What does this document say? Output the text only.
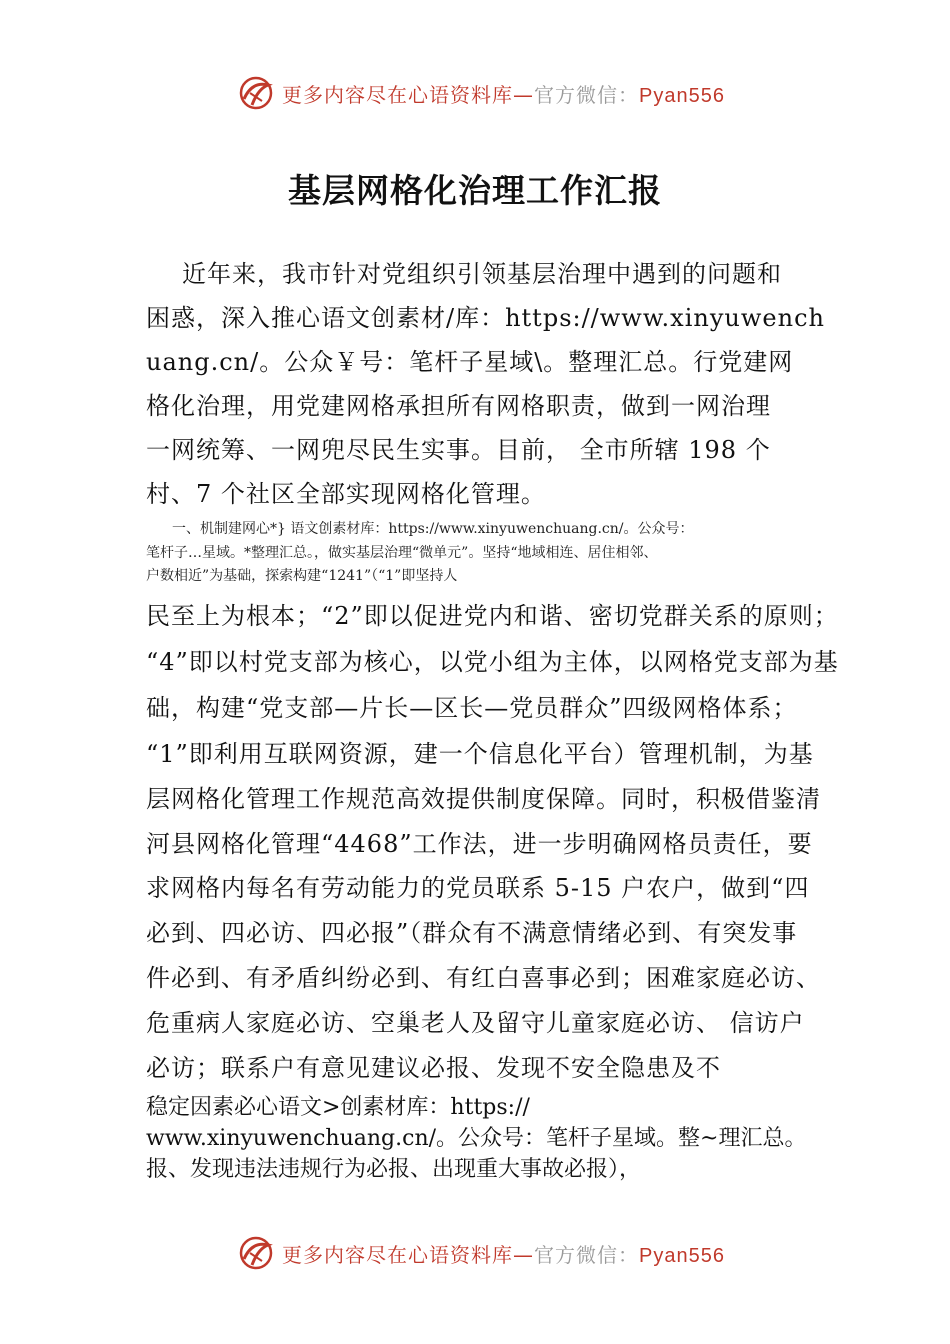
更多内容尽在心语资料库—官方微信：Pyan556
基层网格化治理工作汇报
近年来，我市针对党组织引领基层治理中遇到的问题和
困惑，深入推心语文创素材/库：https://www.xinyuwench
uang.cn/。公众￥号：笔杆子星域\。整理汇总。行党建网
格化治理，用党建网格承担所有网格职责，做到一网治理
一网统筹、一网兜尽民生实事。目前， 全市所辖 198 个
村、7 个社区全部实现网格化管理。
一、机制建网心*} 语文创素材库：https://www.xinyuwenchuang.cn/。公众号：
笔杆子…星域。*整理汇总。，做实基层治理“微单元”。坚持“地域相连、居住相邻、
户数相近”为基础，探索构建“1241”（“1”即坚持人
民至上为根本；“2”即以促进党内和谐、密切党群关系的原则；
“4”即以村党支部为核心，以党小组为主体，以网格党支部为基
础，构建“党支部—片长—区长—党员群众”四级网格体系；
“1”即利用互联网资源，建一个信息化平台）管理机制，为基
层网格化管理工作规范高效提供制度保障。同时，积极借鉴清
河县网格化管理“4468”工作法，进一步明确网格员责任，要
求网格内每名有劳动能力的党员联系 5-15 户农户，做到“四
必到、四必访、四必报”（群众有不满意情绪必到、有突发事
件必到、有矛盾纠纷必到、有红白喜事必到；困难家庭必访、
危重病人家庭必访、空巢老人及留守儿童家庭必访、 信访户
必访；联系户有意见建议必报、发现不安全隐患及不
稳定因素必心语文>创素材库：https://
www.xinyuwenchuang.cn/。公众号：笔杆子星域。整~理汇总。
报、发现违法违规行为必报、出现重大事故必报），
更多内容尽在心语资料库—官方微信：Pyan556
